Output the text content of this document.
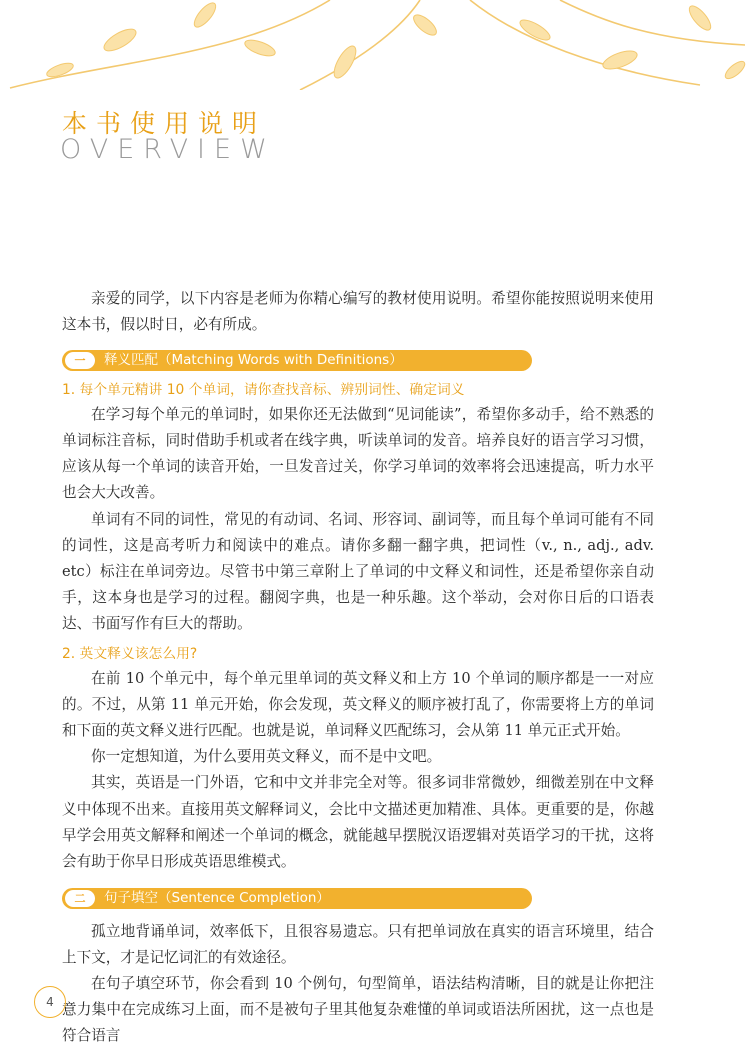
本书使用说明
OVERVIEW

亲爱的同学，以下内容是老师为你精心编写的教材使用说明。希望你能按照说明来使用这本书，假以时日，必有所成。

一	释义匹配（Matching Words with Definitions）
1. 每个单元精讲 10 个单词，请你查找音标、辨别词性、确定词义

在学习每个单元的单词时，如果你还无法做到“见词能读”，希望你多动手，给不熟悉的单词标注音标，同时借助手机或者在线字典，听读单词的发音。培养良好的语言学习习惯，应该从每一个单词的读音开始，一旦发音过关，你学习单词的效率将会迅速提高，听力水平也会大大改善。

单词有不同的词性，常见的有动词、名词、形容词、副词等，而且每个单词可能有不同的词性，这是高考听力和阅读中的难点。请你多翻一翻字典，把词性（v., n., adj., adv. etc）标注在单词旁边。尽管书中第三章附上了单词的中文释义和词性，还是希望你亲自动手，这本身也是学习的过程。翻阅字典，也是一种乐趣。这个举动，会对你日后的口语表达、书面写作有巨大的帮助。

2. 英文释义该怎么用?

在前 10 个单元中，每个单元里单词的英文释义和上方 10 个单词的顺序都是一一对应的。不过，从第 11 单元开始，你会发现，英文释义的顺序被打乱了，你需要将上方的单词和下面的英文释义进行匹配。也就是说，单词释义匹配练习，会从第 11 单元正式开始。

你一定想知道，为什么要用英文释义，而不是中文吧。

其实，英语是一门外语，它和中文并非完全对等。很多词非常微妙，细微差别在中文释义中体现不出来。直接用英文解释词义，会比中文描述更加精准、具体。更重要的是，你越早学会用英文解释和阐述一个单词的概念，就能越早摆脱汉语逻辑对英语学习的干扰，这将会有助于你早日形成英语思维模式。

二	句子填空（Sentence Completion）

孤立地背诵单词，效率低下，且很容易遗忘。只有把单词放在真实的语言环境里，结合上下文，才是记忆词汇的有效途径。

在句子填空环节，你会看到 10 个例句，句型简单，语法结构清晰，目的就是让你把注意力集中在完成练习上面，而不是被句子里其他复杂难懂的单词或语法所困扰，这一点也是符合语言

4
